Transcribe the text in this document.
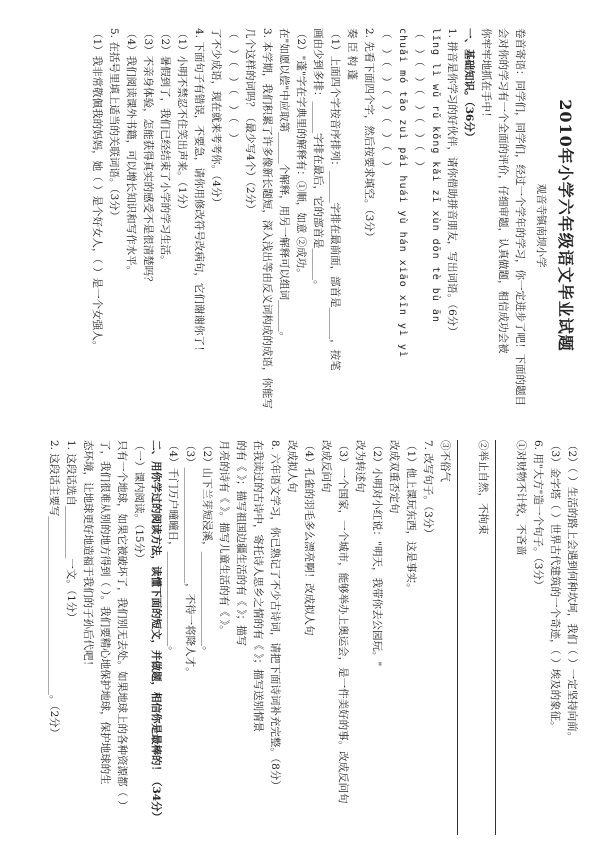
2010年小学六年级语文毕业试题
观音寺镇南坝小学

卷首寄语：同学们，同学们，经过一个学年的学习，你一定进步了吧！下面的题目

会对你的学习有一个全面的评价，仔细审题，认真做题，相信成功会被

你牢牢地抓在手中！

一、基础知识。（36分）

1. 拼音是你学习的好伙伴，请你借助拼音朋友，写出词语。（6分）

lǐng lì wǔ rǔ kǒng kǎi zī xùn dōn tè bù ān

（ ）（ ）（ ）（ ）（ ）

chuǎi mó tāo zuì pái huái yù hán xiāo xīn yì yì

（ ）（ ）（ ）（ ）（ ）

2. 先看下面四个字，然后按要求填空。（3分）

奏 臣 构 蓬

（1）上面四个字按音序排列：______字排在最前面，部首是______，按笔

画由少到多排：______字排在最后，它的部首是______。

（2）"蓬"字在字典里的解释有：①顺，如意 ②成功。

在"如愿以偿"中应取第______个解释，用另一解释可以组词______。

3. 本学期，我们积累了许多像新长题短，深入浅出等由反义词构成的成语，你能写

几个这样的词吗？（最少写4个）（2分）

（ ）（ ）（ ）（ ）

了不少成语，现在就来考考你。（4分）

4. 下面句子有错误，不要急，请你用修改符号改病句，它们谢谢你了！

（1）小明不禁忍不住笑出声来。（1分）

（2）暑假到了，我们已经结束了小学的学习生活。

（3）不亲身体验，怎能获得真实的感受不是很清楚吗？

（4）我们阅读课外书籍，可以增长知识和写作水平。

5. 在括号里填上适当的关联词语。（3分）

（1）我非常敬佩我的妈妈，她（ ）是个好女人，（ ）是一个女强人。

（2）（ ）生活的路上会遇到何种坎坷，我们（ ）一定坚持向前。

（3）金字塔（ ）世界古代建筑的一个奇迹，（ ）埃及的象征。

6. 用"大方"造一个句子。（3分）

①对财物不计较，不吝啬

②举止自然，不拘束

③不俗气

7. 改写句子。（3分）

（1）他上课玩东西，这是事实。

改成双重否定句

（2）小明对小红说："明天，我带你去公园玩。"

改为转述句

（3）一个国家，一个城市，能够举办上奥运会，是一件美好的事。改成反问句

改成反问句

（4）孔雀的羽毛多么漂亮啊！改成拟人句

改成拟人句

8. 六年语文学习，你已熟记了不少古诗词，请把下面诗词补充完整。（8分）

在我读过的古诗中，寄托诗人思乡之情的有《 》；描写送别情景

的有《 》；描写祖国边疆生活的有《 》；描写

月亮的诗有《 》。描写儿童生活的有《 》。

（2）山下兰芽短浸溪，__________________。

（3）______________________，不待一将降人才。

（4）千门万户曈曈日，__________________。

二、用你学过的阅读方法，读懂下面的短文，并做题，相信你是最棒的！（34分）

（一）课内阅读。（15分）

只有一个地球，如果它被破坏了，我们别无去处。如果地球上的各种资源都（ ）

了，我们很难从别的地方得到（ ）。我们要精心地保护地球，保护地球的生

态环境，让地球更好地造福于我们的子孙后代吧！

1. 这段话选自__________一文。（1分）

2. 这段话主要写__________________________________。（2分）
